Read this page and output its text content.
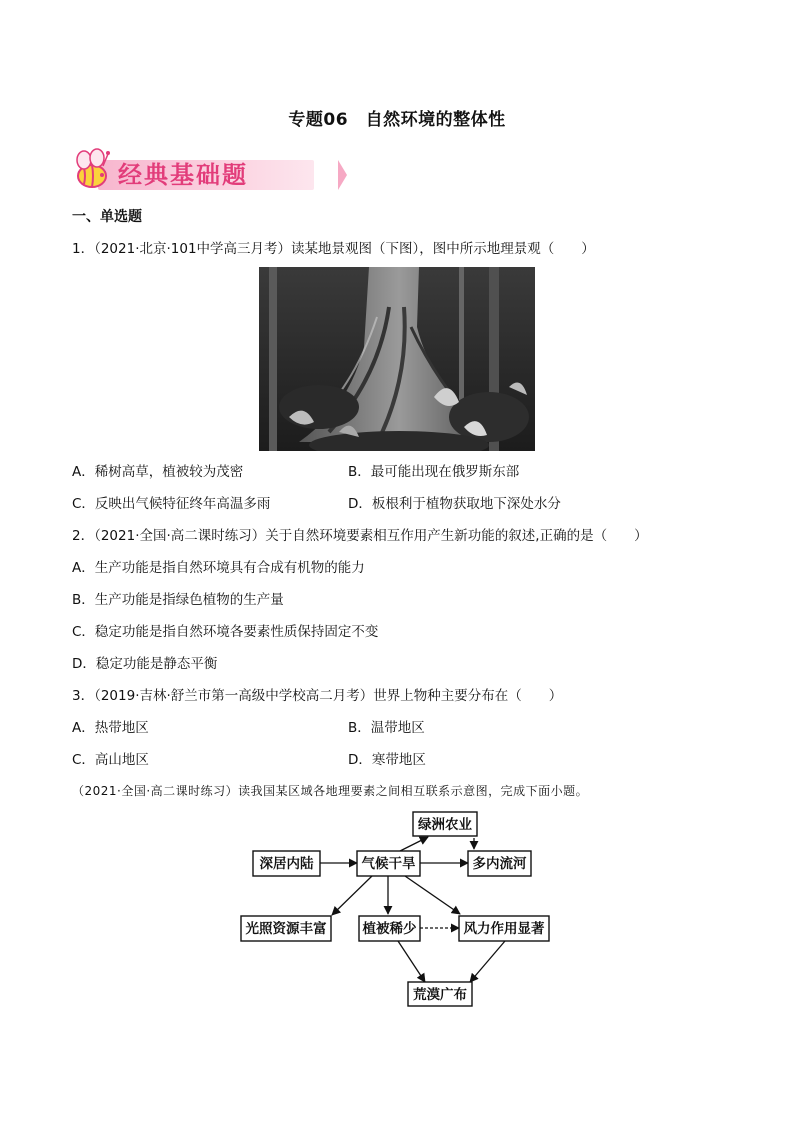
专题06　自然环境的整体性
经典基础题
一、单选题
1．（2021·北京·101中学高三月考）读某地景观图（下图），图中所示地理景观（　　）
A．稀树高草，植被较为茂密	B．最可能出现在俄罗斯东部
C．反映出气候特征终年高温多雨	D．板根利于植物获取地下深处水分
2．（2021·全国·高二课时练习）关于自然环境要素相互作用产生新功能的叙述,正确的是（　　）
A．生产功能是指自然环境具有合成有机物的能力
B．生产功能是指绿色植物的生产量
C．稳定功能是指自然环境各要素性质保持固定不变
D．稳定功能是静态平衡
3．（2019·吉林·舒兰市第一高级中学校高二月考）世界上物种主要分布在（　　）
A．热带地区	B．温带地区
C．高山地区	D．寒带地区
（2021·全国·高二课时练习）读我国某区域各地理要素之间相互联系示意图，完成下面小题。
绿洲农业
深居内陆	气候干旱	多内流河
光照资源丰富	植被稀少	风力作用显著
荒漠广布
